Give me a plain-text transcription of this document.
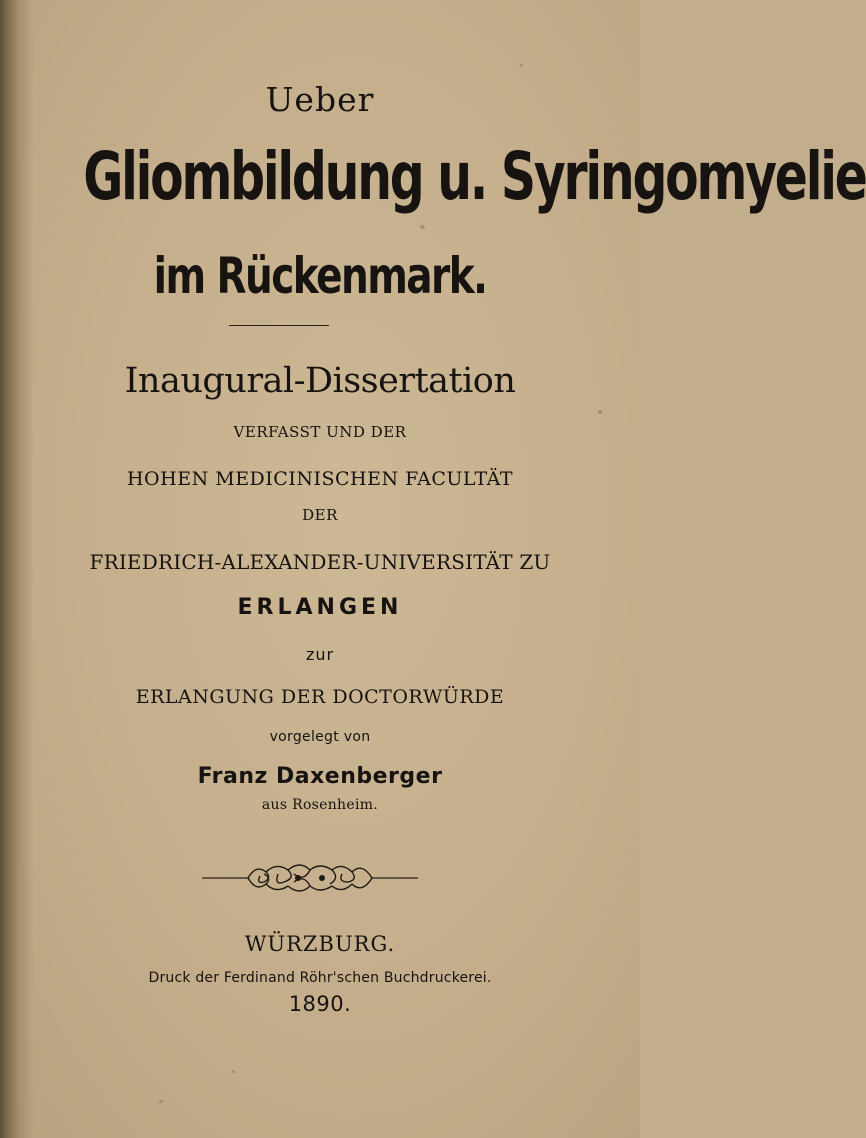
Ueber
Gliombildung u. Syringomyelie
im Rückenmark.
Inaugural-Dissertation
VERFASST UND DER
HOHEN MEDICINISCHEN FACULTÄT
DER
FRIEDRICH-ALEXANDER-UNIVERSITÄT ZU
ERLANGEN
zur
ERLANGUNG DER DOCTORWÜRDE
vorgelegt von
Franz Daxenberger
aus Rosenheim.
WÜRZBURG.
Druck der Ferdinand Röhr'schen Buchdruckerei.
1890.
